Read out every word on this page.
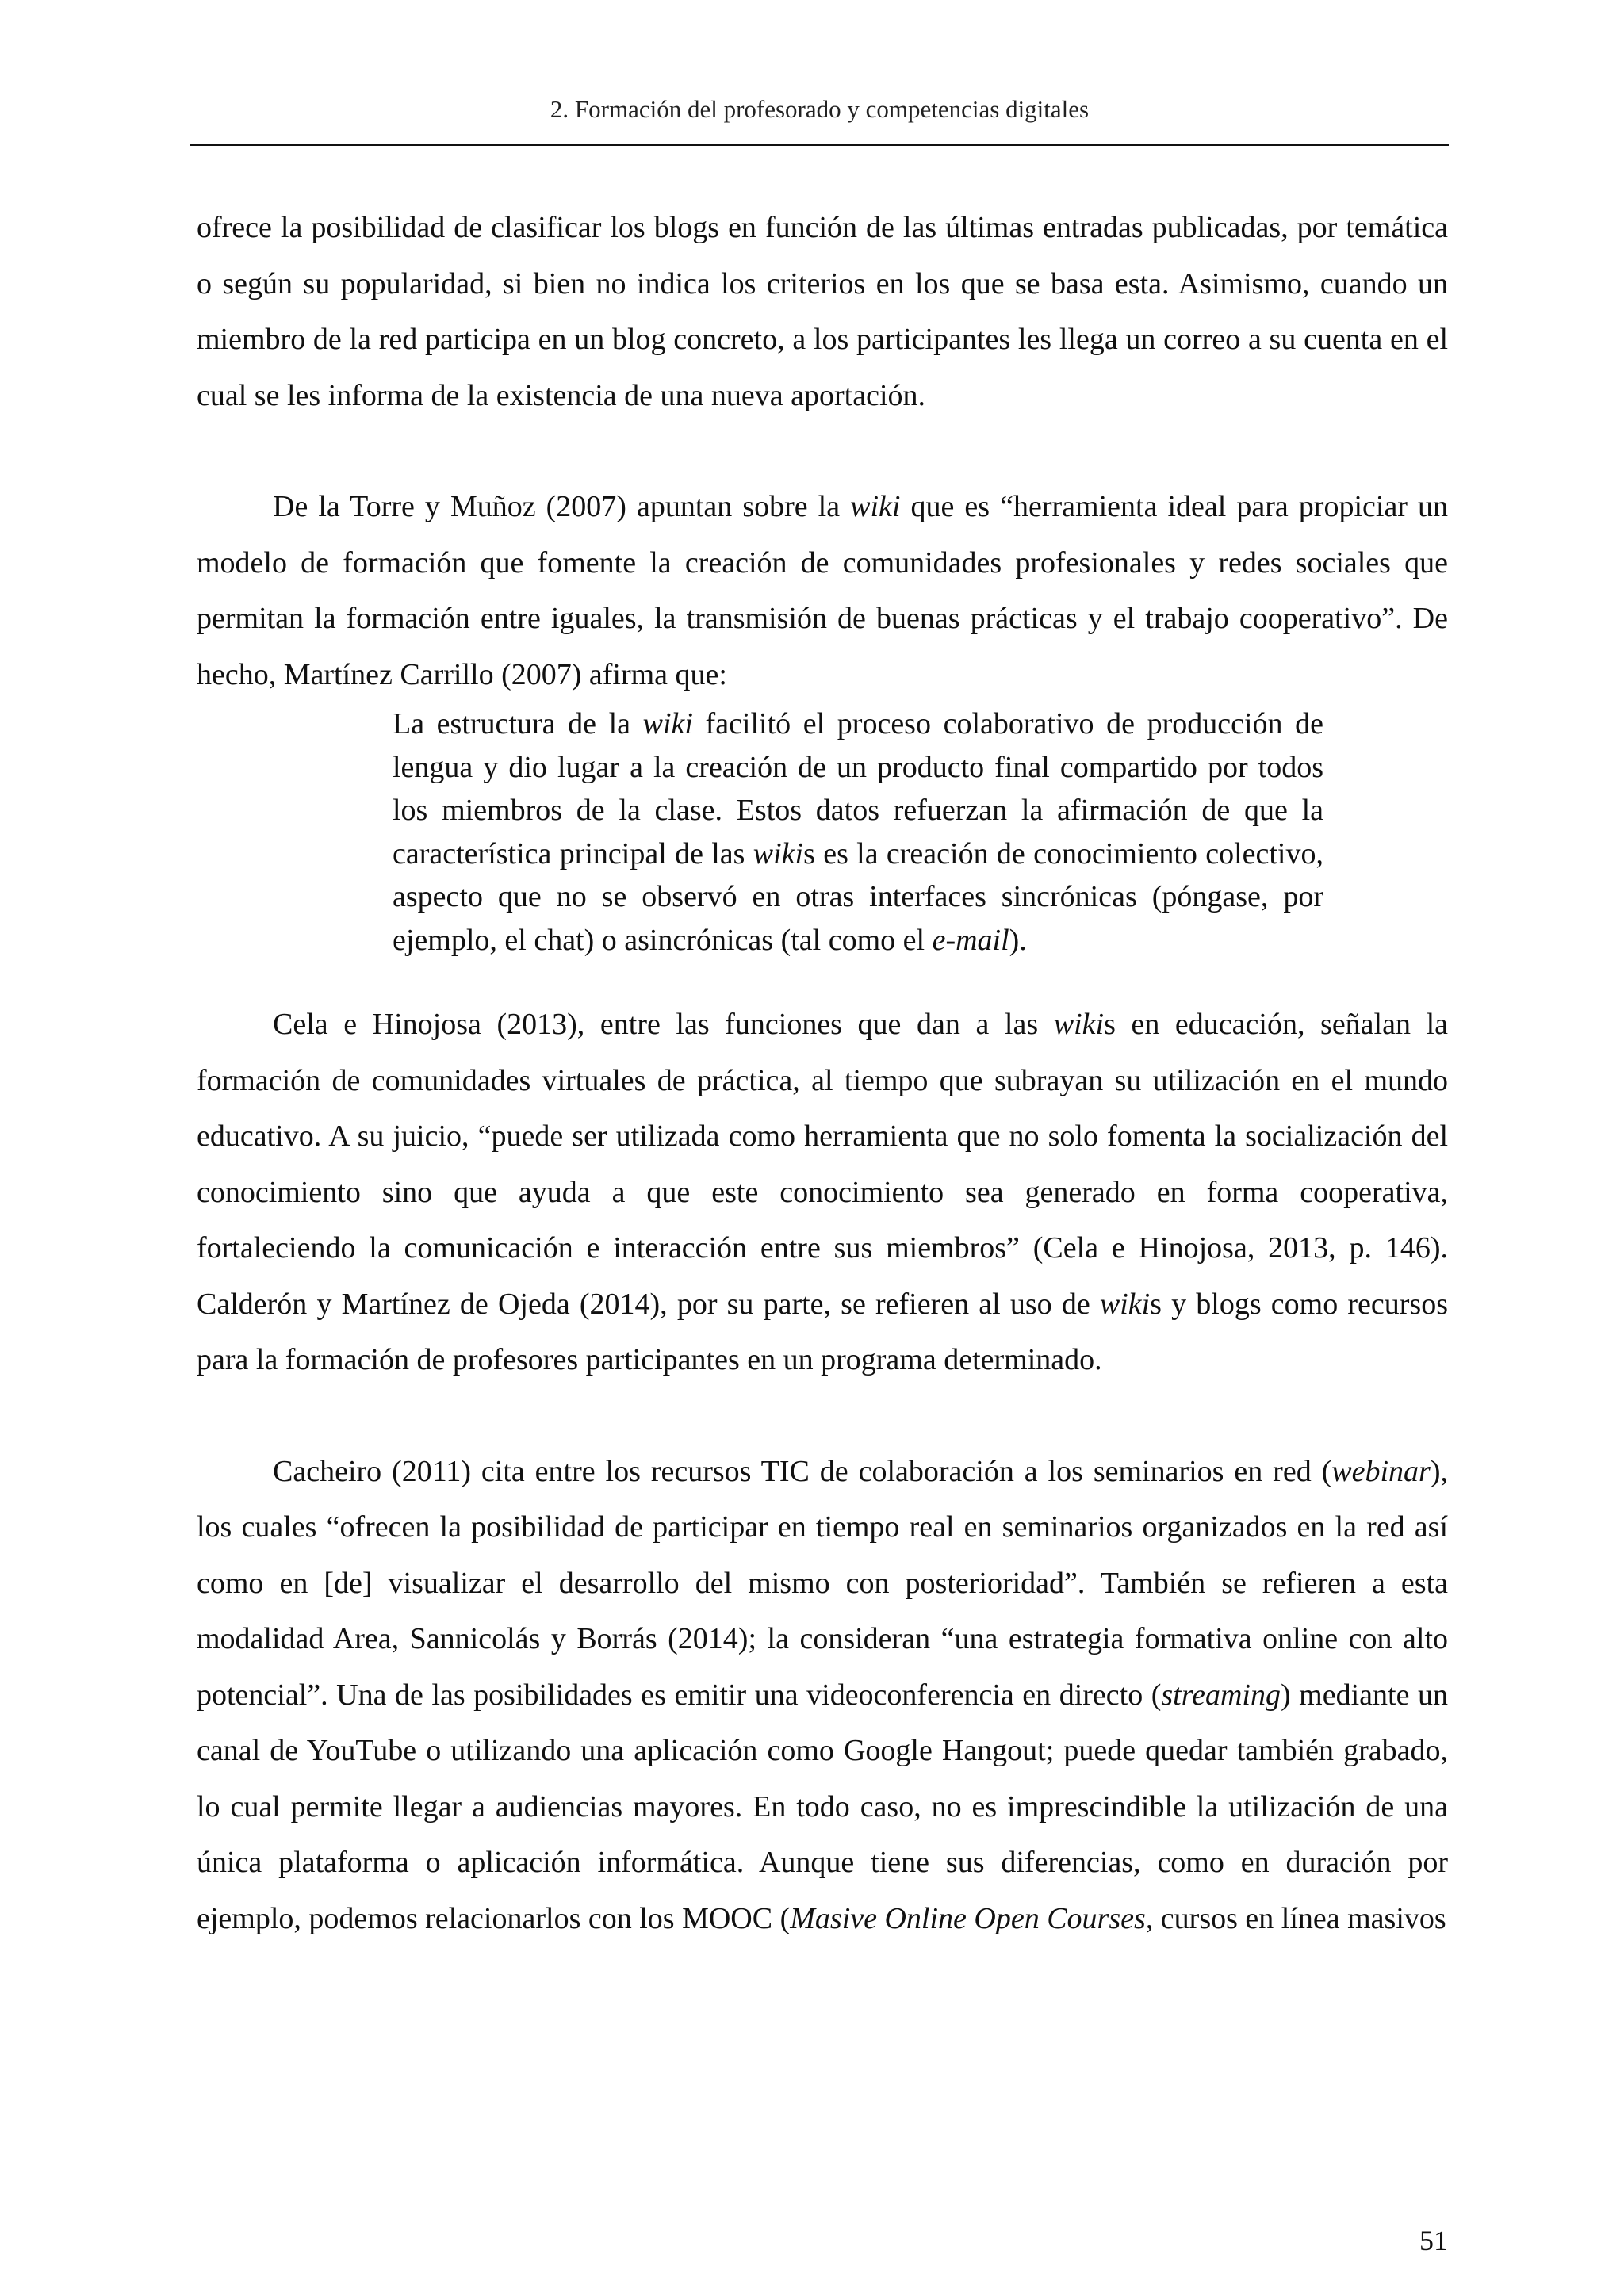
2. Formación del profesorado y competencias digitales

ofrece la posibilidad de clasificar los blogs en función de las últimas entradas publicadas, por temática o según su popularidad, si bien no indica los criterios en los que se basa esta. Asimismo, cuando un miembro de la red participa en un blog concreto, a los participantes les llega un correo a su cuenta en el cual se les informa de la existencia de una nueva aportación.

De la Torre y Muñoz (2007) apuntan sobre la wiki que es “herramienta ideal para propiciar un modelo de formación que fomente la creación de comunidades profesionales y redes sociales que permitan la formación entre iguales, la transmisión de buenas prácticas y el trabajo cooperativo”. De hecho, Martínez Carrillo (2007) afirma que:

La estructura de la wiki facilitó el proceso colaborativo de producción de lengua y dio lugar a la creación de un producto final compartido por todos los miembros de la clase. Estos datos refuerzan la afirmación de que la característica principal de las wikis es la creación de conocimiento colectivo, aspecto que no se observó en otras interfaces sincrónicas (póngase, por ejemplo, el chat) o asincrónicas (tal como el e-mail).

Cela e Hinojosa (2013), entre las funciones que dan a las wikis en educación, señalan la formación de comunidades virtuales de práctica, al tiempo que subrayan su utilización en el mundo educativo. A su juicio, “puede ser utilizada como herramienta que no solo fomenta la socialización del conocimiento sino que ayuda a que este conocimiento sea generado en forma cooperativa, fortaleciendo la comunicación e interacción entre sus miembros” (Cela e Hinojosa, 2013, p. 146). Calderón y Martínez de Ojeda (2014), por su parte, se refieren al uso de wikis y blogs como recursos para la formación de profesores participantes en un programa determinado.

Cacheiro (2011) cita entre los recursos TIC de colaboración a los seminarios en red (webinar), los cuales “ofrecen la posibilidad de participar en tiempo real en seminarios organizados en la red así como en [de] visualizar el desarrollo del mismo con posterioridad”. También se refieren a esta modalidad Area, Sannicolás y Borrás (2014); la consideran “una estrategia formativa online con alto potencial”. Una de las posibilidades es emitir una videoconferencia en directo (streaming) mediante un canal de YouTube o utilizando una aplicación como Google Hangout; puede quedar también grabado, lo cual permite llegar a audiencias mayores. En todo caso, no es imprescindible la utilización de una única plataforma o aplicación informática. Aunque tiene sus diferencias, como en duración por ejemplo, podemos relacionarlos con los MOOC (Masive Online Open Courses, cursos en línea masivos

51
